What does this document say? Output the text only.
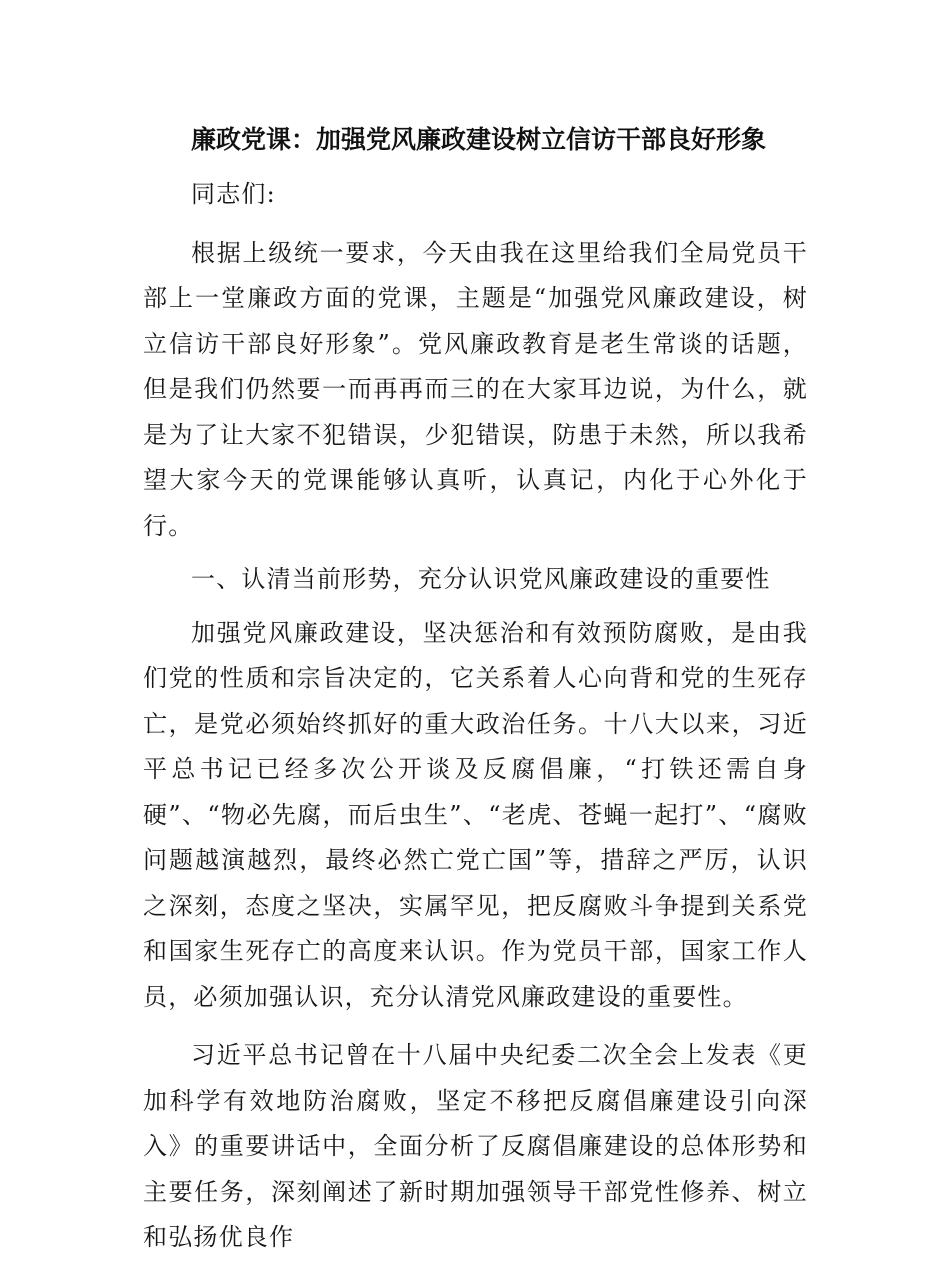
廉政党课：加强党风廉政建设树立信访干部良好形象

同志们:

根据上级统一要求，今天由我在这里给我们全局党员干部上一堂廉政方面的党课，主题是“加强党风廉政建设，树立信访干部良好形象”。党风廉政教育是老生常谈的话题，但是我们仍然要一而再再而三的在大家耳边说，为什么，就是为了让大家不犯错误，少犯错误，防患于未然，所以我希望大家今天的党课能够认真听，认真记，内化于心外化于行。

一、认清当前形势，充分认识党风廉政建设的重要性

加强党风廉政建设，坚决惩治和有效预防腐败，是由我们党的性质和宗旨决定的，它关系着人心向背和党的生死存亡，是党必须始终抓好的重大政治任务。十八大以来，习近平总书记已经多次公开谈及反腐倡廉，“打铁还需自身硬”、“物必先腐，而后虫生”、“老虎、苍蝇一起打”、“腐败问题越演越烈，最终必然亡党亡国”等，措辞之严厉，认识之深刻，态度之坚决，实属罕见，把反腐败斗争提到关系党和国家生死存亡的高度来认识。作为党员干部，国家工作人员，必须加强认识，充分认清党风廉政建设的重要性。

习近平总书记曾在十八届中央纪委二次全会上发表《更加科学有效地防治腐败，坚定不移把反腐倡廉建设引向深入》的重要讲话中，全面分析了反腐倡廉建设的总体形势和主要任务，深刻阐述了新时期加强领导干部党性修养、树立和弘扬优良作
